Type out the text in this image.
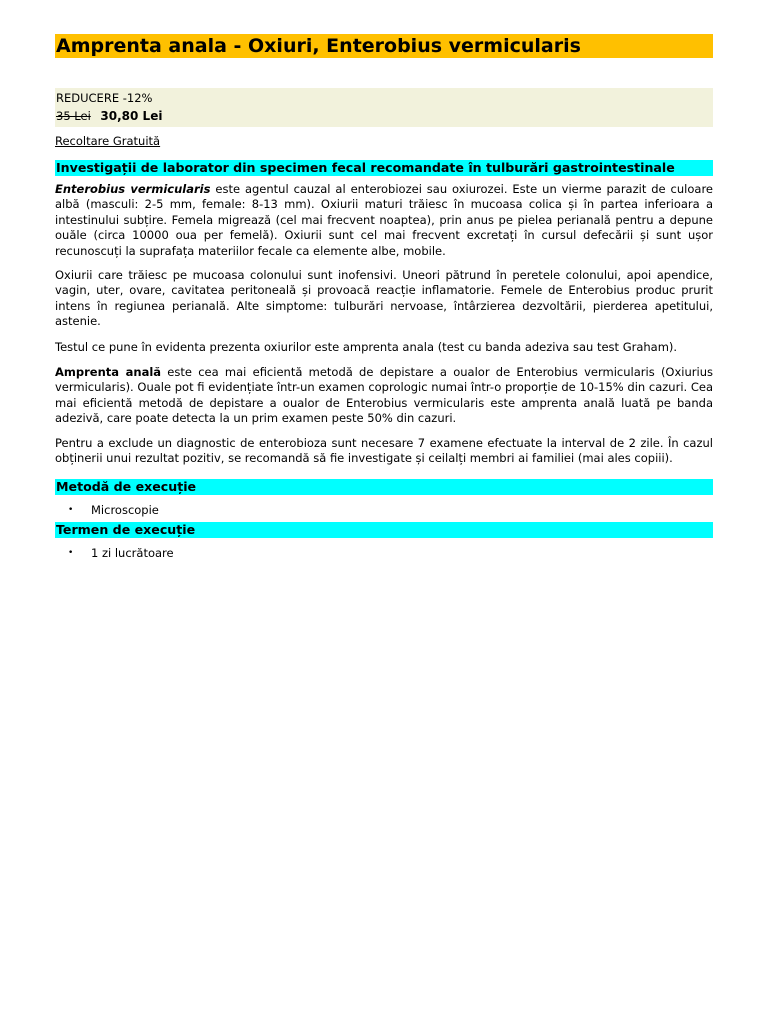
Amprenta anala - Oxiuri, Enterobius vermicularis
REDUCERE -12%
35 Lei 30,80 Lei
Recoltare Gratuită
Investigații de laborator din specimen fecal recomandate în tulburări gastrointestinale

Enterobius vermicularis este agentul cauzal al enterobiozei sau oxiurozei. Este un vierme parazit de culoare albă (masculi: 2-5 mm, female: 8-13 mm). Oxiurii maturi trăiesc în mucoasa colica și în partea inferioara a intestinului subțire. Femela migrează (cel mai frecvent noaptea), prin anus pe pielea perianală pentru a depune ouăle (circa 10000 oua per femelă). Oxiurii sunt cel mai frecvent excretați în cursul defecării și sunt ușor recunoscuți la suprafața materiilor fecale ca elemente albe, mobile.

Oxiurii care trăiesc pe mucoasa colonului sunt inofensivi. Uneori pătrund în peretele colonului, apoi apendice, vagin, uter, ovare, cavitatea peritoneală și provoacă reacție inflamatorie. Femele de Enterobius produc prurit intens în regiunea perianală. Alte simptome: tulburări nervoase, întârzierea dezvoltării, pierderea apetitului, astenie.

Testul ce pune în evidenta prezenta oxiurilor este amprenta anala (test cu banda adeziva sau test Graham).

Amprenta anală este cea mai eficientă metodă de depistare a oualor de Enterobius vermicularis (Oxiurius vermicularis). Ouale pot fi evidențiate într-un examen coprologic numai într-o proporție de 10-15% din cazuri. Cea mai eficientă metodă de depistare a oualor de Enterobius vermicularis este amprenta anală luată pe banda adezivă, care poate detecta la un prim examen peste 50% din cazuri.

Pentru a exclude un diagnostic de enterobioza sunt necesare 7 examene efectuate la interval de 2 zile. În cazul obținerii unui rezultat pozitiv, se recomandă să fie investigate și ceilalți membri ai familiei (mai ales copiii).

Metodă de execuție
• Microscopie
Termen de execuție
• 1 zi lucrătoare
